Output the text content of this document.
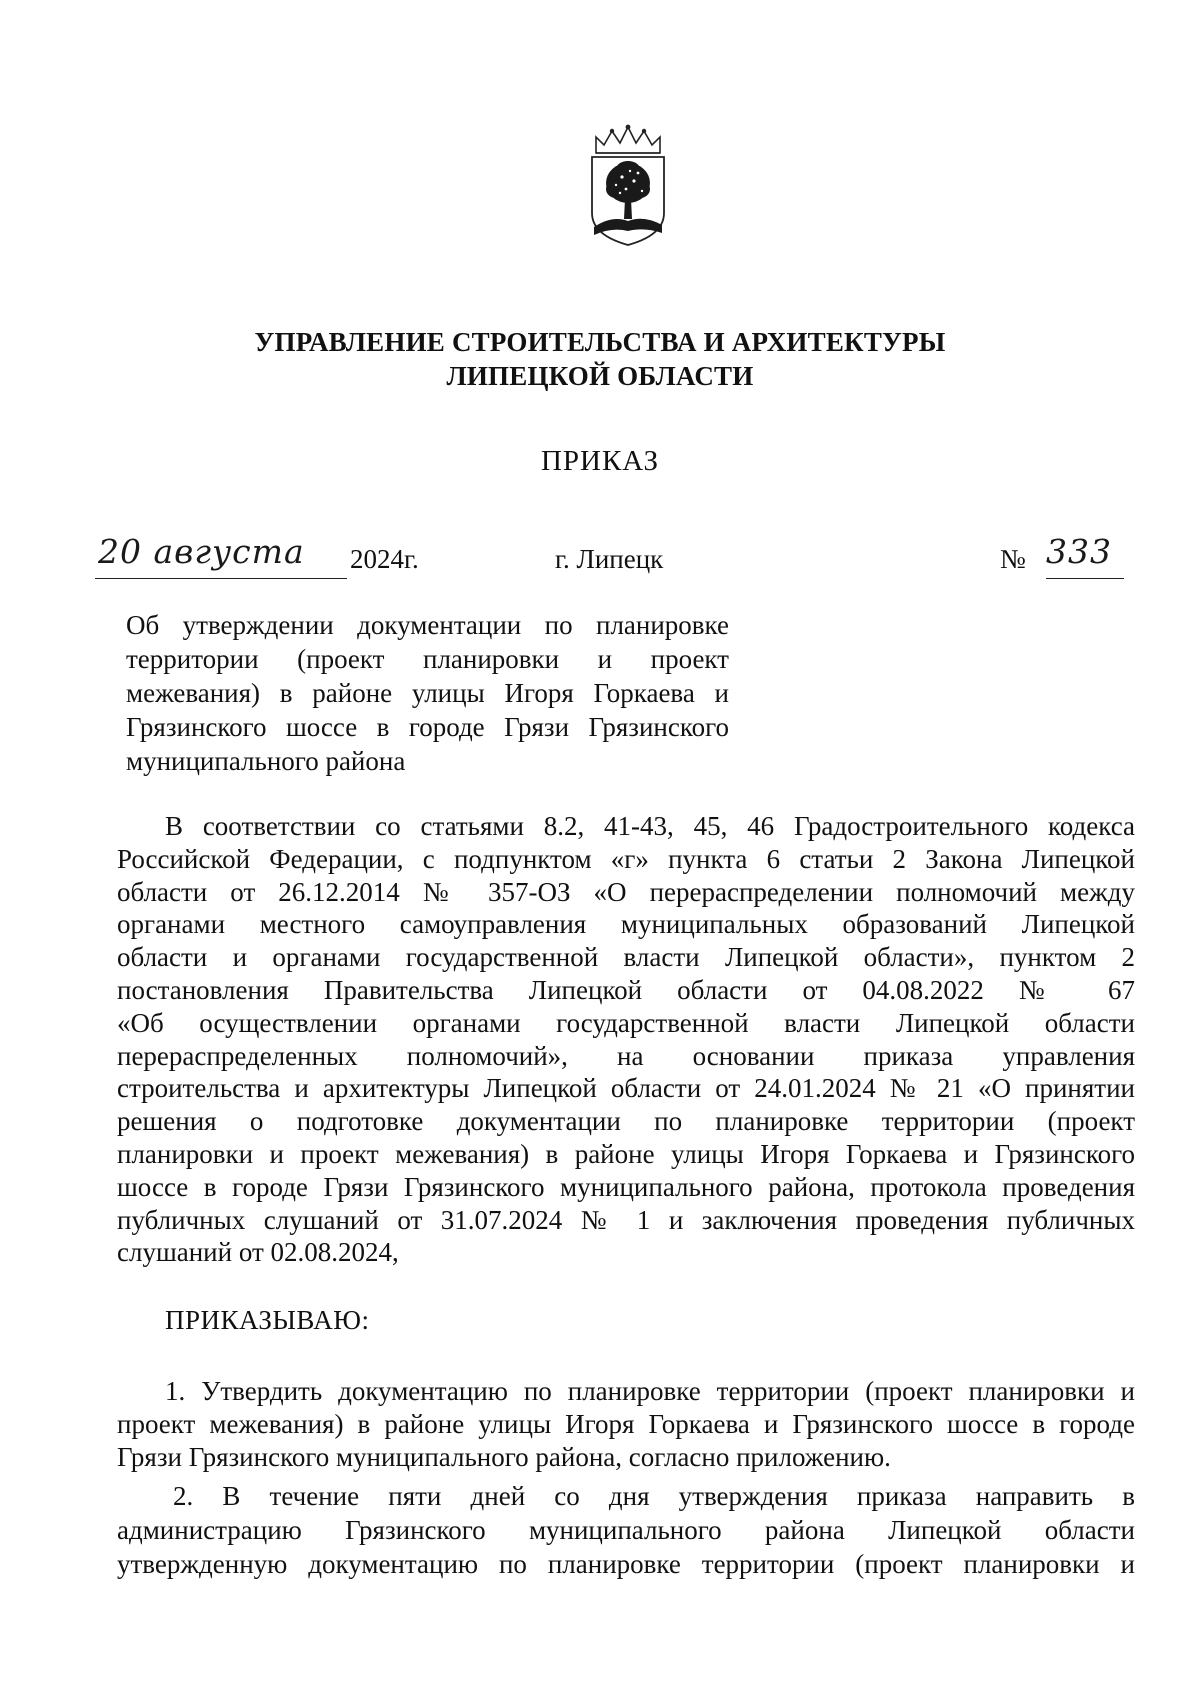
УПРАВЛЕНИЕ СТРОИТЕЛЬСТВА И АРХИТЕКТУРЫ
ЛИПЕЦКОЙ ОБЛАСТИ
ПРИКАЗ
20 августа 2024г.	г. Липецк	№ 333
Об утверждении документации по планировке
территории (проект планировки и проект
межевания) в районе улицы Игоря Горкаева и
Грязинского шоссе в городе Грязи Грязинского
муниципального района
В соответствии со статьями 8.2, 41-43, 45, 46 Градостроительного кодекса
Российской Федерации, с подпунктом «г» пункта 6 статьи 2 Закона Липецкой
области от 26.12.2014 № 357-ОЗ «О перераспределении полномочий между
органами местного самоуправления муниципальных образований Липецкой
области и органами государственной власти Липецкой области», пунктом 2
постановления Правительства Липецкой области от 04.08.2022 № 67
«Об осуществлении органами государственной власти Липецкой области
перераспределенных полномочий», на основании приказа управления
строительства и архитектуры Липецкой области от 24.01.2024 № 21 «О принятии
решения о подготовке документации по планировке территории (проект
планировки и проект межевания) в районе улицы Игоря Горкаева и Грязинского
шоссе в городе Грязи Грязинского муниципального района, протокола проведения
публичных слушаний от 31.07.2024 № 1 и заключения проведения публичных
слушаний от 02.08.2024,
ПРИКАЗЫВАЮ:
1. Утвердить документацию по планировке территории (проект планировки и
проект межевания) в районе улицы Игоря Горкаева и Грязинского шоссе в городе
Грязи Грязинского муниципального района, согласно приложению.
2. В течение пяти дней со дня утверждения приказа направить в
администрацию Грязинского муниципального района Липецкой области
утвержденную документацию по планировке территории (проект планировки и
